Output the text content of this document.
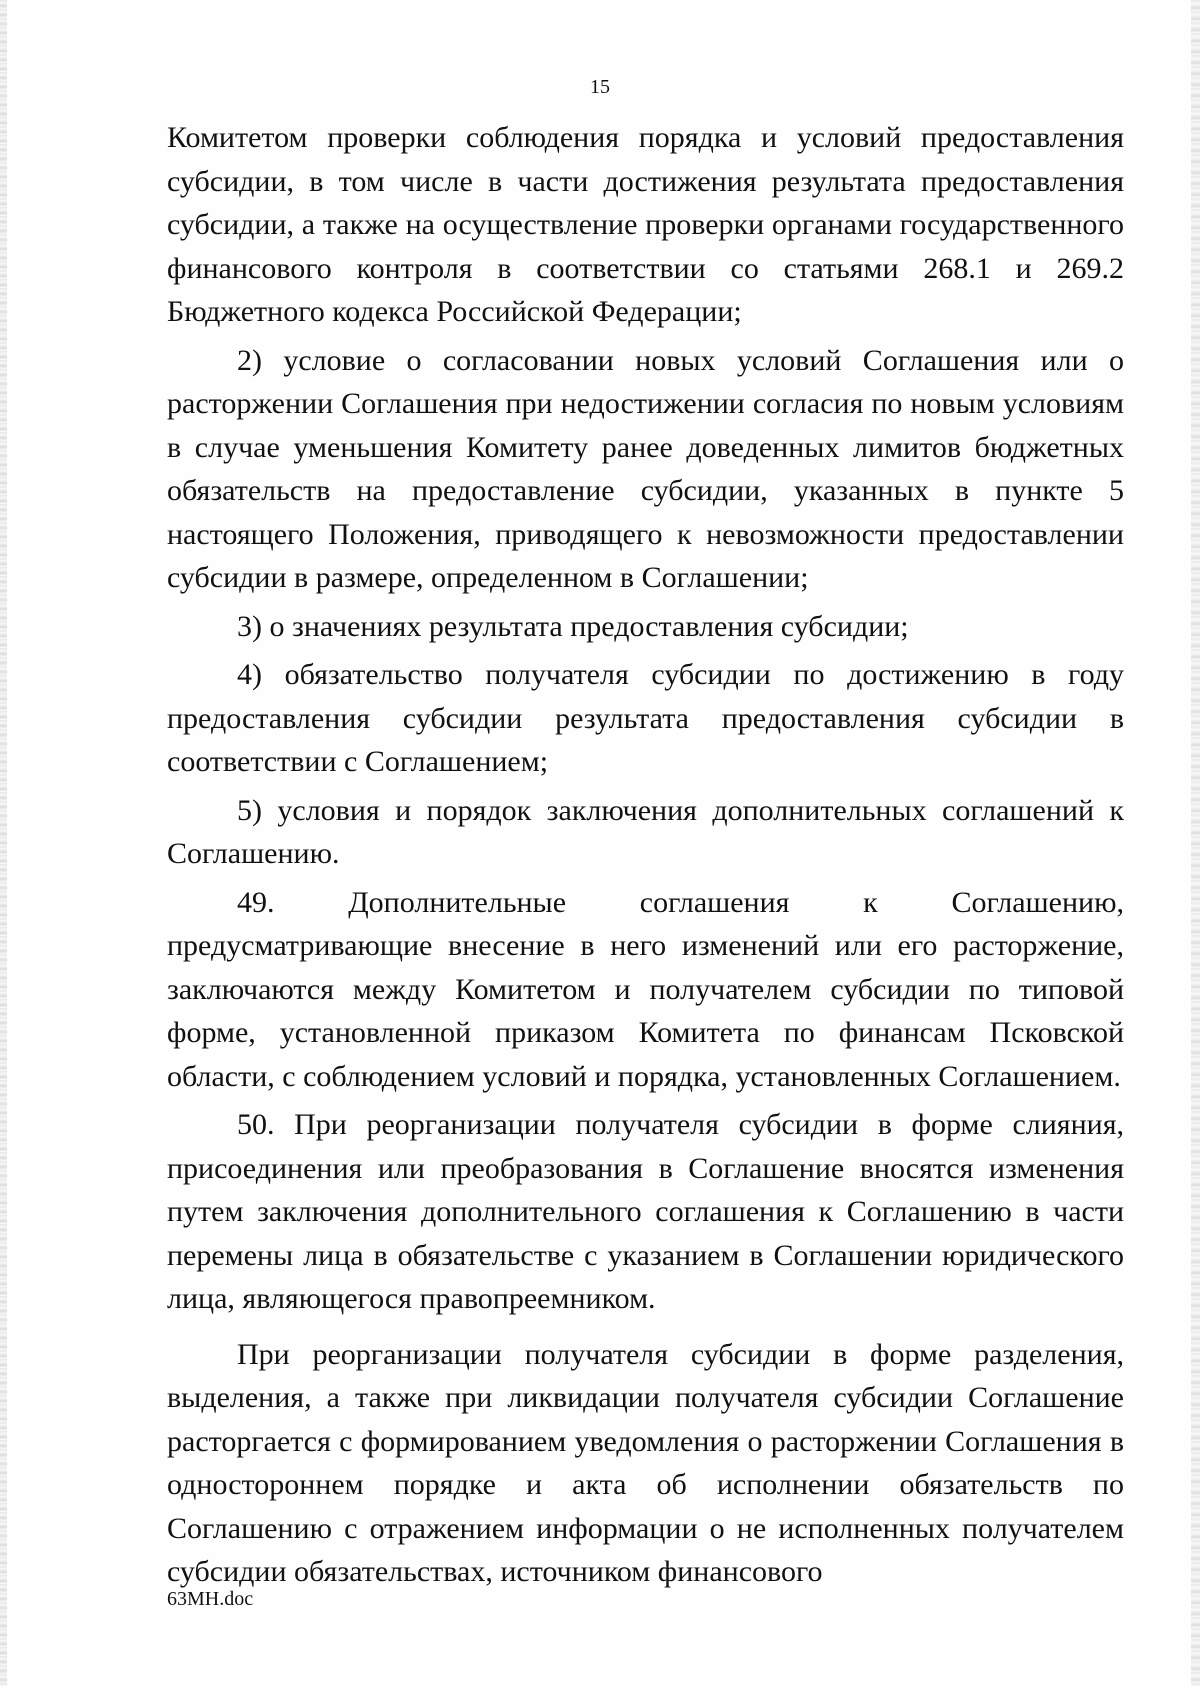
15

Комитетом проверки соблюдения порядка и условий предоставления субсидии, в том числе в части достижения результата предоставления субсидии, а также на осуществление проверки органами государственного финансового контроля в соответствии со статьями 268.1 и 269.2 Бюджетного кодекса Российской Федерации;

2) условие о согласовании новых условий Соглашения или о расторжении Соглашения при недостижении согласия по новым условиям в случае уменьшения Комитету ранее доведенных лимитов бюджетных обязательств на предоставление субсидии, указанных в пункте 5 настоящего Положения, приводящего к невозможности предоставлении субсидии в размере, определенном в Соглашении;

3) о значениях результата предоставления субсидии;

4) обязательство получателя субсидии по достижению в году предоставления субсидии результата предоставления субсидии в соответствии с Соглашением;

5) условия и порядок заключения дополнительных соглашений к Соглашению.

49. Дополнительные соглашения к Соглашению, предусматривающие внесение в него изменений или его расторжение, заключаются между Комитетом и получателем субсидии по типовой форме, установленной приказом Комитета по финансам Псковской области, с соблюдением условий и порядка, установленных Соглашением.

50. При реорганизации получателя субсидии в форме слияния, присоединения или преобразования в Соглашение вносятся изменения путем заключения дополнительного соглашения к Соглашению в части перемены лица в обязательстве с указанием в Соглашении юридического лица, являющегося правопреемником.

При реорганизации получателя субсидии в форме разделения, выделения, а также при ликвидации получателя субсидии Соглашение расторгается с формированием уведомления о расторжении Соглашения в одностороннем порядке и акта об исполнении обязательств по Соглашению с отражением информации о не исполненных получателем субсидии обязательствах, источником финансового

63МН.doc
